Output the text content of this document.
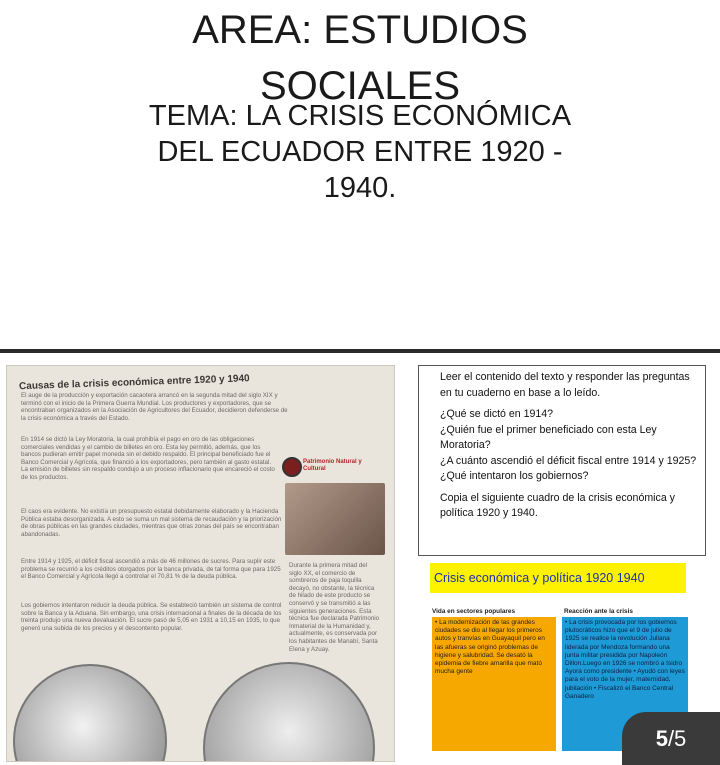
AREA: ESTUDIOS
SOCIALES
TEMA: LA CRISIS ECONÓMICA
DEL ECUADOR ENTRE 1920 -
1940.
Causas de la crisis económica entre 1920 y 1940

El auge de la producción y exportación cacaotera arrancó en la segunda mitad del siglo XIX y terminó con el inicio de la Primera Guerra Mundial. Los productores y exportadores, que se encontraban organizados en la Asociación de Agricultores del Ecuador, decidieron defenderse de la crisis económica a través del Estado.

En 1914 se dictó la Ley Moratoria, la cual prohibía el pago en oro de las obligaciones comerciales vendidas y el cambio de billetes en oro. Esta ley permitió, además, que los bancos pudieran emitir papel moneda sin el debido respaldo. El principal beneficiado fue el Banco Comercial y Agrícola, que financió a los exportadores, pero también al gasto estatal. La emisión de billetes sin respaldo condujo a un proceso inflacionario que encareció el costo de los productos.

El caos era evidente. No existía un presupuesto estatal debidamente elaborado y la Hacienda Pública estaba desorganizada. A esto se suma un mal sistema de recaudación y la priorización de obras públicas en las grandes ciudades, mientras que otras zonas del país se encontraban abandonadas.

Entre 1914 y 1925, el déficit fiscal ascendió a más de 46 millones de sucres. Para suplir este problema se recurrió a los créditos otorgados por la banca privada, de tal forma que para 1925 el Banco Comercial y Agrícola llegó a controlar el 70,81 % de la deuda pública.

Los gobiernos intentaron reducir la deuda pública. Se estableció también un sistema de control sobre la Banca y la Aduana. Sin embargo, una crisis internacional a finales de la década de los treinta produjo una nueva devaluación. El sucre pasó de 5,05 en 1931 a 10,15 en 1935, lo que generó una subida de los precios y el descontento popular.

Patrimonio Natural y Cultural

Durante la primera mitad del siglo XX, el comercio de sombreros de paja toquilla decayó, no obstante, la técnica de hilado de este producto se conservó y se transmitió a las siguientes generaciones. Esta técnica fue declarada Patrimonio Inmaterial de la Humanidad y, actualmente, es conservada por los habitantes de Manabí, Santa Elena y Azuay.

Leer el contenido del texto y responder las preguntas en tu cuaderno en base a lo leído.
¿Qué se dictó en 1914?
¿Quién fue el primer beneficiado con esta Ley Moratoria?
¿A cuánto ascendió el déficit fiscal entre 1914 y 1925?
¿Qué intentaron los gobiernos?
Copia el siguiente cuadro de la crisis económica y política 1920 y 1940.
Crisis económica y política 1920 1940
Vida en sectores populares	Reacción ante la crisis
• La modernización de las grandes ciudades se dio al llegar los primeros autos y tranvías en Guayaquil pero en las afueras se originó problemas de higiene y salubridad. Se desató la epidemia de fiebre amarilla que mató mucha gente
• La crisis provocada por los gobiernos plutocráticos hizo que el 9 de julio de 1925 se realice la revolución Juliana liderada por Mendoza formando una junta militar presidida por Napoleón Dillon.Luego en 1926 se nombró a Isidro Ayora como presidente • Ayudó con leyes para el voto de la mujer, maternidad, jubilación • Fiscalizó el Banco Central Ganadero
5/5
